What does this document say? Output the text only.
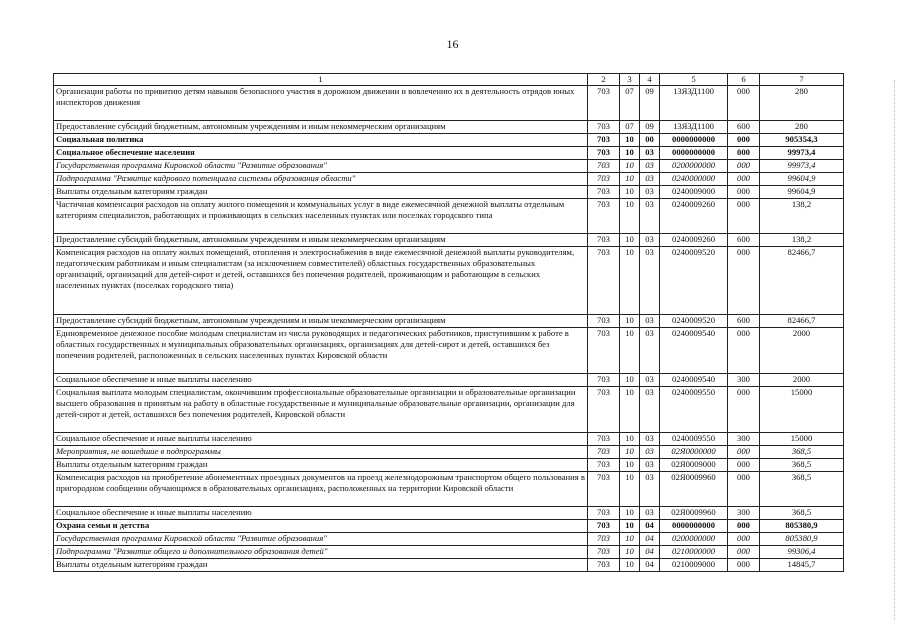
16
1	2	3	4	5	6	7
Организация работы по привитию детям навыков безопасного участия в дорожном движении и вовлечению их в деятельность отрядов юных инспекторов движения	703	07	09	13ЯЗД1100	000	280
Предоставление субсидий бюджетным, автономным учреждениям и иным некоммерческим организациям	703	07	09	13ЯЗД1100	600	280
Социальная политика	703	10	00	0000000000	000	905354,3
Социальное обеспечение населения	703	10	03	0000000000	000	99973,4
Государственная программа Кировской области "Развитие образования"	703	10	03	0200000000	000	99973,4
Подпрограмма "Развитие кадрового потенциала системы образования области"	703	10	03	0240000000	000	99604,9
Выплаты отдельным категориям граждан	703	10	03	0240009000	000	99604,9
Частичная компенсация расходов на оплату жилого помещения и коммунальных услуг в виде ежемесячной денежной выплаты отдельным категориям специалистов, работающих и проживающих в сельских населенных пунктах или поселках городского типа	703	10	03	0240009260	000	138,2
Предоставление субсидий бюджетным, автономным учреждениям и иным некоммерческим организациям	703	10	03	0240009260	600	138,2
Компенсация расходов на оплату жилых помещений, отопления и электроснабжения в виде ежемесячной денежной выплаты руководителям, педагогическим работникам и иным специалистам (за исключением совместителей) областных государственных образовательных организаций, организаций для детей-сирот и детей, оставшихся без попечения родителей, проживающим и работающим в сельских населенных пунктах (поселках городского типа)	703	10	03	0240009520	000	82466,7
Предоставление субсидий бюджетным, автономным учреждениям и иным некоммерческим организациям	703	10	03	0240009520	600	82466,7
Единовременное денежное пособие молодым специалистам из числа руководящих и педагогических работников, приступившим к работе в областных государственных и муниципальных образовательных организациях, организациях для детей-сирот и детей, оставшихся без попечения родителей, расположенных в сельских населенных пунктах Кировской области	703	10	03	0240009540	000	2000
Социальное обеспечение и иные выплаты населению	703	10	03	0240009540	300	2000
Социальная выплата молодым специалистам, окончившим профессиональные образовательные организации и образовательные организации высшего образования и принятым на работу в областные государственные и муниципальные образовательные организации, организации для детей-сирот и детей, оставшихся без попечения родителей, Кировской области	703	10	03	0240009550	000	15000
Социальное обеспечение и иные выплаты населению	703	10	03	0240009550	300	15000
Мероприятия, не вошедшие в подпрограммы	703	10	03	02Я0000000	000	368,5
Выплаты отдельным категориям граждан	703	10	03	02Я0009000	000	368,5
Компенсация расходов на приобретение абонементных проездных документов на проезд железнодорожным транспортом общего пользования в пригородном сообщении обучающимся в образовательных организациях, расположенных на территории Кировской области	703	10	03	02Я0009960	000	368,5
Социальное обеспечение и иные выплаты населению	703	10	03	02Я0009960	300	368,5
Охрана семьи и детства	703	10	04	0000000000	000	805380,9
Государственная программа Кировской области "Развитие образования"	703	10	04	0200000000	000	805380,9
Подпрограмма "Развитие общего и дополнительного образования детей"	703	10	04	0210000000	000	99306,4
Выплаты отдельным категориям граждан	703	10	04	0210009000	000	14845,7
